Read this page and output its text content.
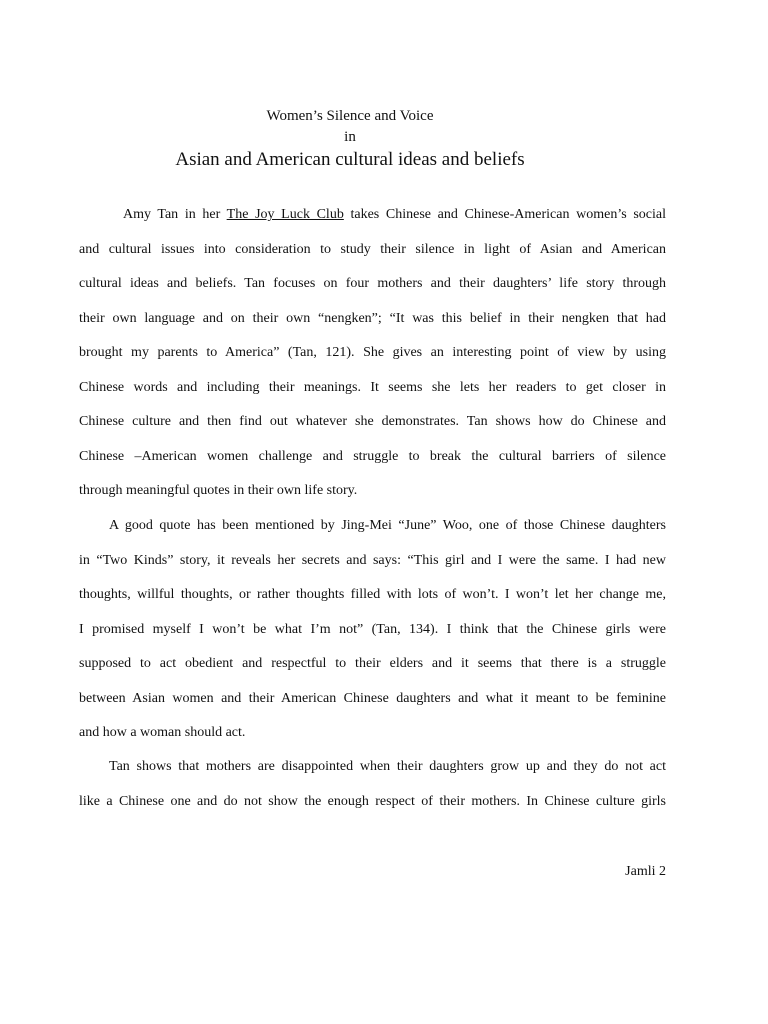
Women’s Silence and Voice
in
Asian and American cultural ideas and beliefs
Amy Tan in her The Joy Luck Club takes Chinese and Chinese-American women’s social
and cultural issues into consideration to study their silence in light of Asian and American
cultural ideas and beliefs. Tan focuses on four mothers and their daughters’ life story through
their own language and on their own “nengken”; “It was this belief in their nengken that had
brought my parents to America” (Tan, 121). She gives an interesting point of view by using
Chinese words and including their meanings. It seems she lets her readers to get closer in
Chinese culture and then find out whatever she demonstrates. Tan shows how do Chinese and
Chinese –American women challenge and struggle to break the cultural barriers of silence
through meaningful quotes in their own life story.
A good quote has been mentioned by Jing-Mei “June” Woo, one of those Chinese daughters
in “Two Kinds” story, it reveals her secrets and says: “This girl and I were the same. I had new
thoughts, willful thoughts, or rather thoughts filled with lots of won’t. I won’t let her change me,
I promised myself I won’t be what I’m not” (Tan, 134). I think that the Chinese girls were
supposed to act obedient and respectful to their elders and it seems that there is a struggle
between Asian women and their American Chinese daughters and what it meant to be feminine
and how a woman should act.
Tan shows that mothers are disappointed when their daughters grow up and they do not act
like a Chinese one and do not show the enough respect of their mothers. In Chinese culture girls
Jamli 2
